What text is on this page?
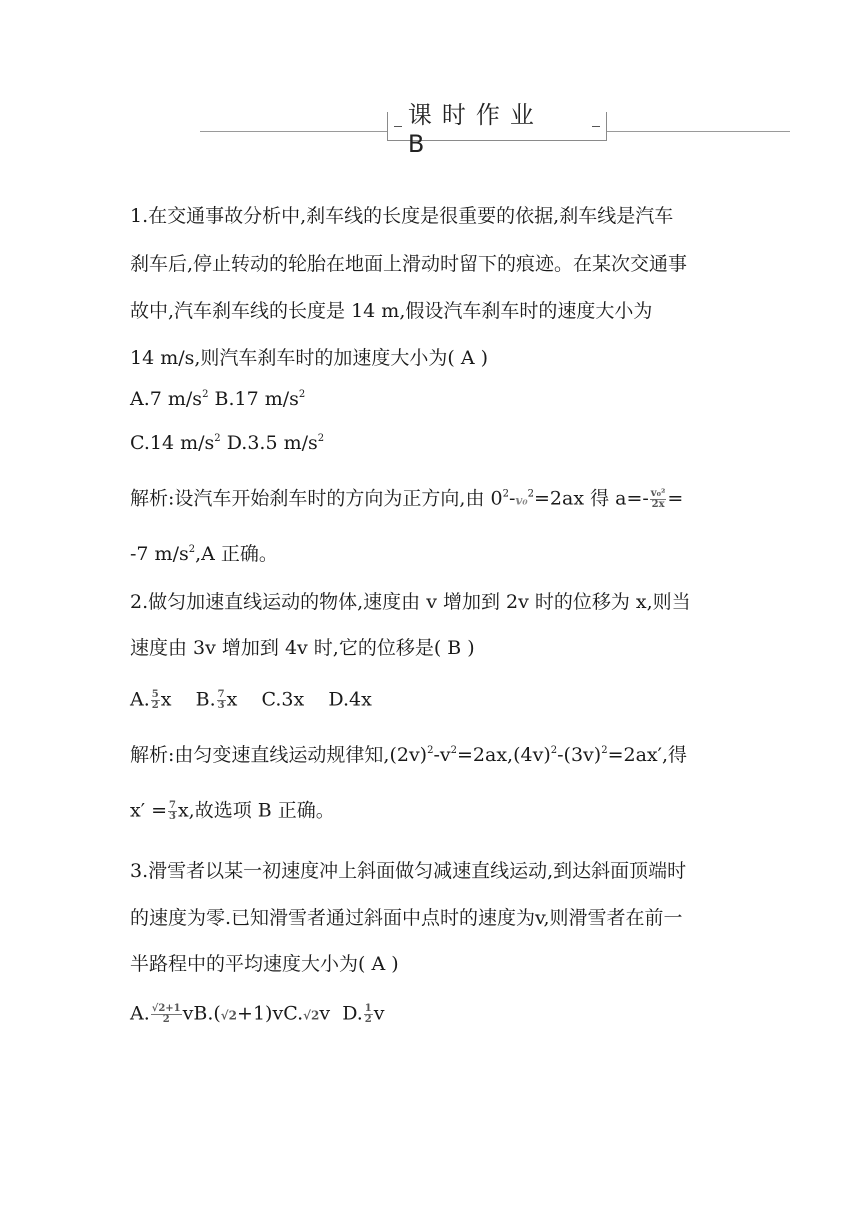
课时作业 B
1.在交通事故分析中,刹车线的长度是很重要的依据,刹车线是汽车
刹车后,停止转动的轮胎在地面上滑动时留下的痕迹。在某次交通事
故中,汽车刹车线的长度是 14 m,假设汽车刹车时的速度大小为
14 m/s,则汽车刹车时的加速度大小为( A )
A.7 $m/s^2$ B.17 $m/s^2$
C.14 $m/s^2$ D.3.5 $m/s^2$
解析:设汽车开始刹车时的方向为正方向,由 $0^2-v_0^2=2ax$ 得 $a=- \frac{\text{v₀²}}{2x}$ =
-7 $m/s^2,A$ 正确。
2.做匀加速直线运动的物体,速度由 v 增加到 2v 时的位移为 x,则当
速度由 3v 增加到 4v 时,它的位移是( B )
A. $\frac{5}{2}$ x B. $\frac{7}{3}$ x C.3x D.4x
解析:由匀变速直线运动规律知$,(2v)^2-v^2=2ax,(4v)^2-(3v)^2=2ax'$,得
$x' = \frac{7}{3} x$,故选项 B 正确。
3.滑雪者以某一初速度冲上斜面做匀减速直线运动,到达斜面顶端时
的速度为零.已知滑雪者通过斜面中点时的速度为v,则滑雪者在前一
半路程中的平均速度大小为( A )
A. $\frac{√2+1}{2} vB.(√2+1)vC.√2v$ D. $\frac{1}{2}$ v
